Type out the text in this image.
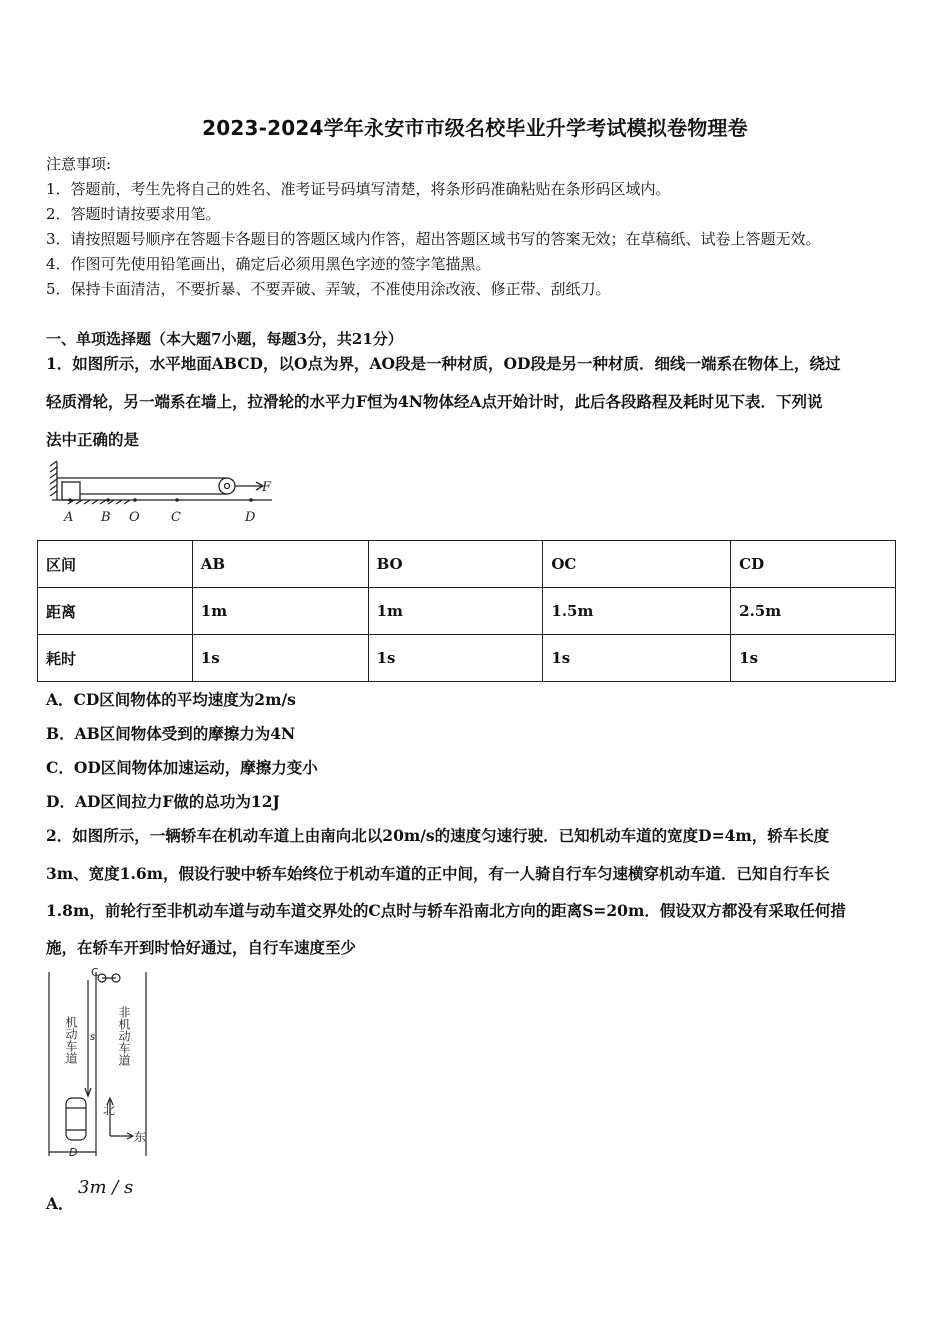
2023-2024学年永安市市级名校毕业升学考试模拟卷物理卷
注意事项:
1．答题前，考生先将自己的姓名、准考证号码填写清楚，将条形码准确粘贴在条形码区域内。
2．答题时请按要求用笔。
3．请按照题号顺序在答题卡各题目的答题区域内作答，超出答题区域书写的答案无效；在草稿纸、试卷上答题无效。
4．作图可先使用铅笔画出，确定后必须用黑色字迹的签字笔描黑。
5．保持卡面清洁，不要折暴、不要弄破、弄皱，不准使用涂改液、修正带、刮纸刀。
一、单项选择题（本大题7小题，每题3分，共21分）
1．如图所示，水平地面ABCD，以O点为界，AO段是一种材质，OD段是另一种材质．细线一端系在物体上，绕过
轻质滑轮，另一端系在墙上，拉滑轮的水平力F恒为4N物体经A点开始计时，此后各段路程及耗时见下表．下列说
法中正确的是
A B O C	D
F
区间	AB	BO	OC	CD
距离	1m	1m	1.5m	2.5m
耗时	1s	1s	1s	1s
A．CD区间物体的平均速度为2m/s
B．AB区间物体受到的摩擦力为4N
C．OD区间物体加速运动，摩擦力变小
D．AD区间拉力F做的总功为12J
2．如图所示，一辆轿车在机动车道上由南向北以20m/s的速度匀速行驶．已知机动车道的宽度D=4m，轿车长度
3m、宽度1.6m，假设行驶中轿车始终位于机动车道的正中间，有一人骑自行车匀速横穿机动车道．已知自行车长
1.8m，前轮行至非机动车道与动车道交界处的C点时与轿车沿南北方向的距离S=20m．假设双方都没有采取任何措
施，在轿车开到时恰好通过，自行车速度至少
C
s
D
北
东
机动车道	非机动车道
A．
3m / s
